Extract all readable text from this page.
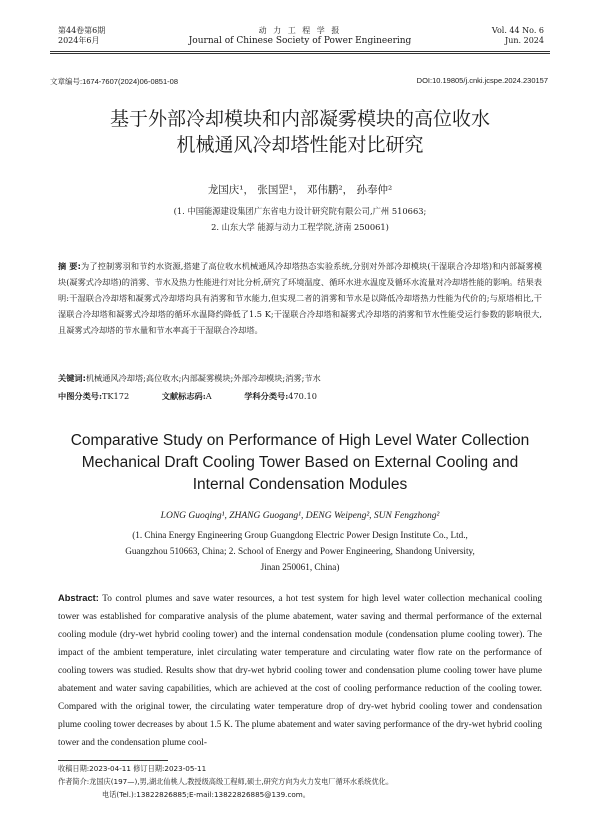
第44卷第6期
2024年6月
动 力 工 程 学 报
Journal of Chinese Society of Power Engineering
Vol. 44 No. 6
Jun. 2024
文章编号:1674-7607(2024)06-0851-08	DOI:10.19805/j.cnki.jcspe.2024.230157
基于外部冷却模块和内部凝雾模块的高位收水
机械通风冷却塔性能对比研究
龙国庆¹， 张国罡¹， 邓伟鹏²， 孙奉仲²
(1. 中国能源建设集团广东省电力设计研究院有限公司,广州 510663;
2. 山东大学 能源与动力工程学院,济南 250061)
摘 要:为了控制雾羽和节约水资源,搭建了高位收水机械通风冷却塔热态实验系统,分别对外部冷却模块(干湿联合冷却塔)和内部凝雾模块(凝雾式冷却塔)的消雾、节水及热力性能进行对比分析,研究了环境温度、循环水进水温度及循环水流量对冷却塔性能的影响。结果表明:干湿联合冷却塔和凝雾式冷却塔均具有消雾和节水能力,但实现二者的消雾和节水是以降低冷却塔热力性能为代价的;与原塔相比,干湿联合冷却塔和凝雾式冷却塔的循环水温降约降低了1.5 K;干湿联合冷却塔和凝雾式冷却塔的消雾和节水性能受运行参数的影响很大,且凝雾式冷却塔的节水量和节水率高于干湿联合冷却塔。
关键词:机械通风冷却塔;高位收水;内部凝雾模块;外部冷却模块;消雾;节水
中图分类号:TK172	文献标志码:A	学科分类号:470.10
Comparative Study on Performance of High Level Water Collection
Mechanical Draft Cooling Tower Based on External Cooling and
Internal Condensation Modules
LONG Guoqing¹, ZHANG Guogang¹, DENG Weipeng², SUN Fengzhong²
(1. China Energy Engineering Group Guangdong Electric Power Design Institute Co., Ltd.,
Guangzhou 510663, China; 2. School of Energy and Power Engineering, Shandong University,
Jinan 250061, China)
Abstract: To control plumes and save water resources, a hot test system for high level water collection mechanical cooling tower was established for comparative analysis of the plume abatement, water saving and thermal performance of the external cooling module (dry-wet hybrid cooling tower) and the internal condensation module (condensation plume cooling tower). The impact of the ambient temperature, inlet circulating water temperature and circulating water flow rate on the performance of cooling towers was studied. Results show that dry-wet hybrid cooling tower and condensation plume cooling tower have plume abatement and water saving capabilities, which are achieved at the cost of cooling performance reduction of the cooling tower. Compared with the original tower, the circulating water temperature drop of dry-wet hybrid cooling tower and condensation plume cooling tower decreases by about 1.5 K. The plume abatement and water saving performance of the dry-wet hybrid cooling tower and the condensation plume cool-
收稿日期:2023-04-11 修订日期:2023-05-11
作者简介:龙国庆(197—),男,湖北仙桃人,教授级高级工程师,硕士,研究方向为火力发电厂循环水系统优化。
电话(Tel.):13822826885;E-mail:13822826885@139.com。
